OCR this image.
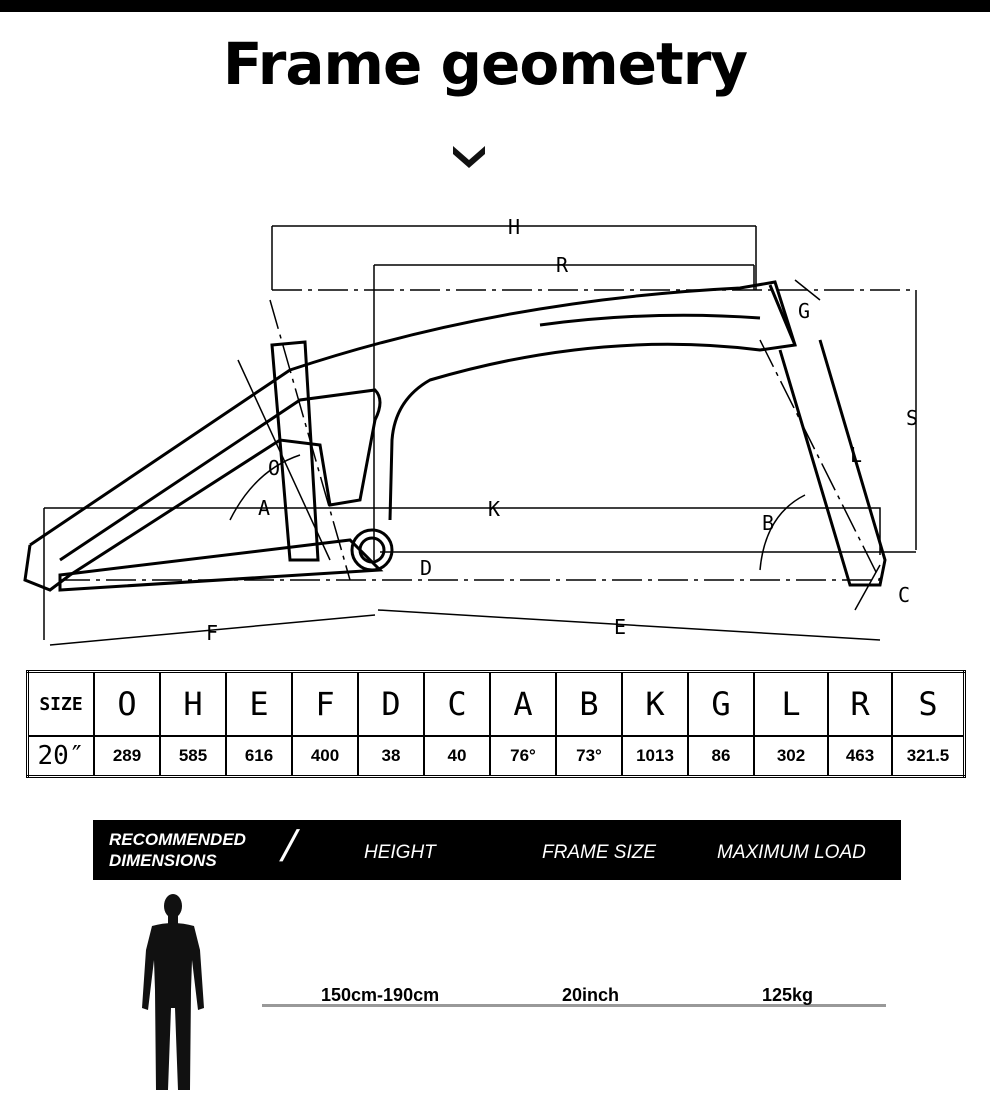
Frame geometry
H
R
G
S
L
K
B
A
O
D
F	E
C
SIZE	O	H	E	F	D	C	A	B	K	G	L	R	S
20″	289	585	616	400	38	40	76°	73°	1013	86	302	463	321.5
RECOMMENDED
DIMENSIONS	/	HEIGHT	FRAME SIZE	MAXIMUM LOAD
150cm-190cm	20inch	125kg
